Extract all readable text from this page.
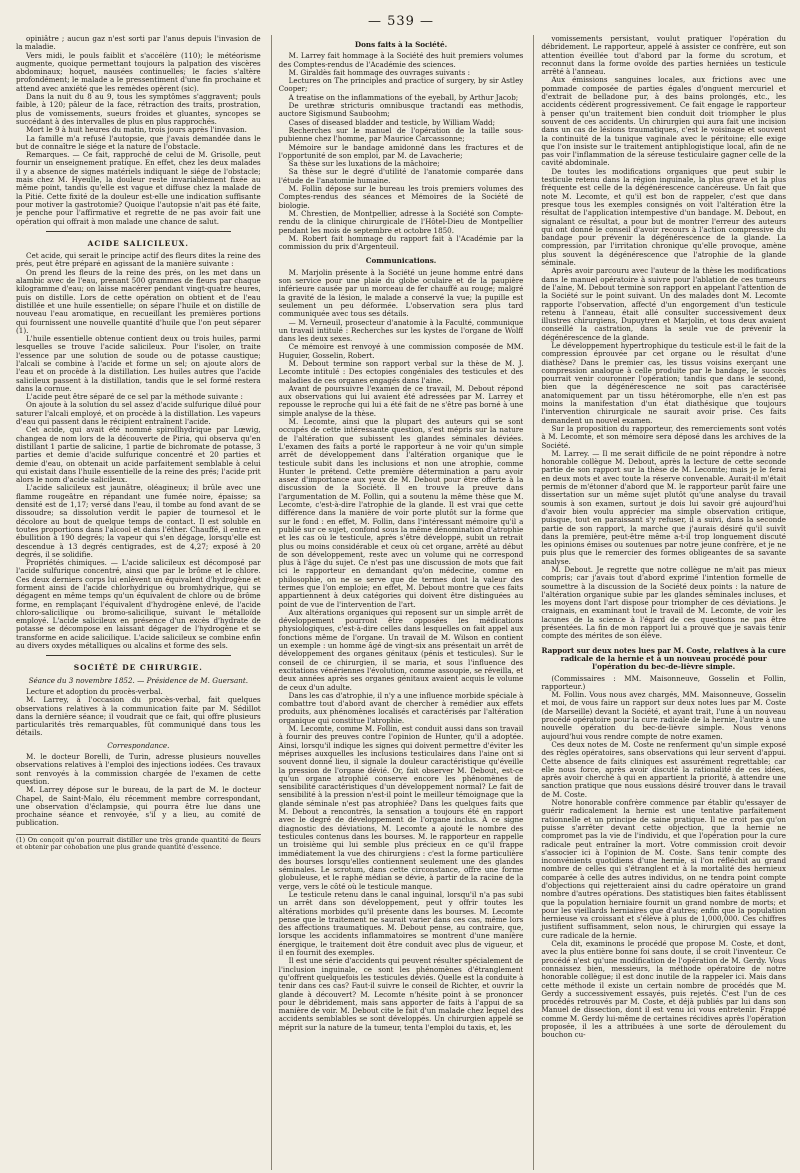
— 539 —

opiniâtre ; aucun gaz n'est sorti par l'anus depuis l'invasion de la maladie.

Vers midi, le pouls faiblit et s'accélère (110); le météorisme augmente, quoique permettant toujours la palpation des viscères abdominaux; hoquet, nausées continuelles; le facies s'altère profondément; le malade a le pressentiment d'une fin prochaine et attend avec anxiété que les remèdes opèrent (sic).

Dans la nuit du 8 au 9, tous les symptômes s'aggravent; pouls faible, à 120; pâleur de la face, rétraction des traits, prostration, plus de vomissements, sueurs froides et gluantes, syncopes se succédant à des intervalles de plus en plus rapprochés.

Mort le 9 à huit heures du matin, trois jours après l'invasion.

La famille m'a refusé l'autopsie, que j'avais demandée dans le but de connaître le siége et la nature de l'obstacle.

Remarques. — Ce fait, rapproché de celui de M. Grisolle, peut fournir un enseignement pratique. En effet, chez les deux malades il y a absence de signes matériels indiquant le siége de l'obstacle; mais chez M. Hyeulle, la douleur reste invariablement fixée au même point, tandis qu'elle est vague et diffuse chez la malade de la Pitié. Cette fixité de la douleur est-elle une indication suffisante pour motiver la gastrotomie? Quoique l'autopsie n'ait pas été faite, je penche pour l'affirmative et regrette de ne pas avoir fait une opération qui offrait à mon malade une chance de salut.

ACIDE SALICILEUX.

Cet acide, qui serait le principe actif des fleurs dites la reine des prés, peut être préparé en agissant de la manière suivante :

On prend les fleurs de la reine des prés, on les met dans un alambic avec de l'eau, prenant 500 grammes de fleurs par chaque kilogramme d'eau; on laisse macérer pendant vingt-quatre heures, puis on distille. Lors de cette opération on obtient et de l'eau distillée et une huile essentielle; on sépare l'huile et on distille de nouveau l'eau aromatique, en recueillant les premières portions qui fournissent une nouvelle quantité d'huile que l'on peut séparer (1).

L'huile essentielle obtenue contient deux ou trois huiles, parmi lesquelles se trouve l'acide salicileux. Pour l'isoler, on traite l'essence par une solution de soude ou de potasse caustique; l'alcali se combine à l'acide et forme un sel; on ajoute alors de l'eau et on procède à la distillation. Les huiles autres que l'acide salicileux passent à la distillation, tandis que le sel formé restera dans la cornue.

L'acide peut être séparé de ce sel par la méthode suivante :

On ajoute à la solution du sel assez d'acide sulfurique dilué pour saturer l'alcali employé, et on procède à la distillation. Les vapeurs d'eau qui passent dans le récipient entraînent l'acide.

Cet acide, qui avait été nommé spiroïlhydrique par Lœwig, changea de nom lors de la découverte de Piria, qui observa qu'en distillant 1 partie de salicine, 1 partie de bichromate de potasse, 3 parties et demie d'acide sulfurique concentré et 20 parties et demie d'eau, on obtenait un acide parfaitement semblable à celui qui existait dans l'huile essentielle de la reine des prés; l'acide prit alors le nom d'acide salicileux.

L'acide salicileux est jaunâtre, oléagineux; il brûle avec une flamme rougeâtre en répandant une fumée noire, épaisse; sa densité est de 1,17; versé dans l'eau, il tombe au fond avant de se dissoudre; sa dissolution verdit le papier de tournesol et le décolore au bout de quelque temps de contact. Il est soluble en toutes proportions dans l'alcool et dans l'éther. Chauffé, il entre en ébullition à 190 degrés; la vapeur qui s'en dégage, lorsqu'elle est descendue à 13 degrés centigrades, est de 4,27; exposé à 20 degrés, il se solidifie.

Propriétés chimiques. — L'acide salicileux est décomposé par l'acide sulfurique concentré, ainsi que par le brôme et le chlore. Ces deux derniers corps lui enlèvent un équivalent d'hydrogène et forment ainsi de l'acide chlorhydrique ou bromhydrique, qui se dégagent en même temps qu'un équivalent de chlore ou de brôme forme, en remplaçant l'équivalent d'hydrogène enlevé, de l'acide chloro-salicilique ou bromo-salicilique, suivant le métalloïde employé. L'acide salicileux en présence d'un excès d'hydrate de potasse se décompose en laissant dégager de l'hydrogène et se transforme en acide salicilique. L'acide salicileux se combine enfin au divers oxydes métalliques ou alcalins et forme des sels.

SOCIÉTÉ DE CHIRURGIE.
Séance du 3 novembre 1852. — Présidence de M. Guersant.

Lecture et adoption du procès-verbal.

M. Larrey, à l'occasion du procès-verbal, fait quelques observations relatives à la communication faite par M. Sédillot dans la dernière séance; il voudrait que ce fait, qui offre plusieurs particularités très remarquables, fût communiqué dans tous les détails.

Correspondance.

M. le docteur Borelli, de Turin, adresse plusieurs nouvelles observations relatives à l'emploi des injections iodées. Ces travaux sont renvoyés à la commission chargée de l'examen de cette question.

M. Larrey dépose sur le bureau, de la part de M. le docteur Chapel, de Saint-Malo, élu récemment membre correspondant, une observation d'éclampsie, qui pourra être lue dans une prochaine séance et renvoyée, s'il y a lieu, au comité de publication.

(1) On conçoit qu'on pourrait distiller une très grande quantité de fleurs et obtenir par cohobation une plus grande quantité d'essence.
Dons faits à la Société.

M. Larrey fait hommage à la Société des huit premiers volumes des Comptes-rendus de l'Académie des sciences.

M. Giraldès fait hommage des ouvrages suivants :

Lectures on The principles and practice of surgery, by sir Astley Cooper;

A treatise on the inflammations of the eyeball, by Arthur Jacob;

De urethræ stricturis omnibusque tractandi eas methodis, auctore Sigismund Sauboohm;

Cases of diseased bladder and testicle, by William Wadd;

Recherches sur le manuel de l'opération de la taille sous-pubienne chez l'homme, par Maurice Carcassonne;

Mémoire sur le bandage amidonné dans les fractures et de l'opportunité de son emploi, par M. de Lavacherie;

Sa thèse sur les luxations de la mâchoire;

Sa thèse sur le degré d'utilité de l'anatomie comparée dans l'étude de l'anatomie humaine.

M. Follin dépose sur le bureau les trois premiers volumes des Comptes-rendus des séances et Mémoires de la Société de biologie.

M. Chrestien, de Montpellier, adresse à la Société son Compte-rendu de la clinique chirurgicale de l'Hôtel-Dieu de Montpellier pendant les mois de septembre et octobre 1850.

M. Robert fait hommage du rapport fait à l'Académie par la commission du prix d'Argenteuil.

Communications.

M. Marjolin présente à la Société un jeune homme entré dans son service pour une plaie du globe oculaire et de la paupière inférieure causée par un morceau de fer chauffé au rouge; malgré la gravité de la lésion, le malade a conservé la vue; la pupille est seulement un peu déformée. L'observation sera plus tard communiquée avec tous ses détails.

— M. Verneuil, prosecteur d'anatomie à la Faculté, communique un travail intitulé : Recherches sur les kystes de l'organe de Wolff dans les deux sexes.

Ce mémoire est renvoyé à une commission composée de MM. Huguier, Gosselin, Robert.

M. Debout termine son rapport verbal sur la thèse de M. J. Lecomte intitulé : Des ectopies congéniales des testicules et des maladies de ces organes engagés dans l'aine.

Avant de poursuivre l'examen de ce travail, M. Debout répond aux observations qui lui avaient été adressées par M. Larrey et repousse le reproche qui lui a été fait de ne s'être pas borné à une simple analyse de la thèse.

M. Lecomte, ainsi que la plupart des auteurs qui se sont occupés de cette intéressante question, s'est mépris sur la nature de l'altération que subissent les glandes séminales déviées. L'examen des faits a porté le rapporteur à ne voir qu'un simple arrêt de développement dans l'altération organique que le testicule subit dans les inclusions et non une atrophie, comme Hunter le prétend. Cette première détermination a paru avoir assez d'importance aux yeux de M. Debout pour être offerte à la discussion de la Société. Il en trouve la preuve dans l'argumentation de M. Follin, qui a soutenu la même thèse que M. Lecomte, c'est-à-dire l'atrophie de la glande. Il est vrai que cette différence dans la manière de voir porte plutôt sur la forme que sur le fond : en effet, M. Follin, dans l'intéressant mémoire qu'il a publié sur ce sujet, confond sous la même dénomination d'atrophie et les cas où le testicule, après s'être développé, subit un retrait plus ou moins considérable et ceux où cet organe, arrêté au début de son développement, reste avec un volume qui ne correspond plus à l'âge du sujet. Ce n'est pas une discussion de mots que fait ici le rapporteur en demandant qu'on médecine, comme en philosophie, on ne se serve que de termes dont la valeur des termes que l'on emploie; en effet, M. Debout montre que ces faits appartiennent à deux catégories qui doivent être distinguées au point de vue de l'intervention de l'art.

Aux altérations organiques qui reposent sur un simple arrêt de développement pourront être opposées les médications physiologiques, c'est-à-dire celles dans lesquelles on fait appel aux fonctions même de l'organe. Un travail de M. Wilson en contient un exemple : un homme âgé de vingt-six ans présentait un arrêt de développement des organes génitaux (pénis et testicules). Sur le conseil de ce chirurgien, il se maria, et sous l'influence des excitations vénériennes l'évolution, comme assoupie, se réveilla, et deux années après ses organes génitaux avaient acquis le volume de ceux d'un adulte.

Dans les cas d'atrophie, il n'y a une influence morbide spéciale à combattre tout d'abord avant de chercher à remédier aux effets produits, aux phénomènes localisés et caractérisés par l'altération organique qui constitue l'atrophie.

M. Lecomte, comme M. Follin, est conduit aussi dans son travail à fournir des preuves contre l'opinion de Hunter, qu'il a adoptée. Ainsi, lorsqu'il indique les signes qui doivent permettre d'éviter les méprises auxquelles les inclusions testiculaires dans l'aine ont si souvent donné lieu, il signale la douleur caractéristique qu'éveille la pression de l'organe dévié. Or, fait observer M. Debout, est-ce qu'un organe atrophié conserve encore les phénomènes de sensibilité caractéristiques d'un développement normal? Le fait de sensibilité à la pression n'est-il point le meilleur témoignage que la glande séminale n'est pas atrophiée? Dans les quelques faits que M. Debout a rencontrés, la sensation a toujours été en rapport avec le degré de développement de l'organe inclus. À ce signe diagnostic des déviations, M. Lecomte a ajouté le nombre des testicules contenus dans les bourses. M. le rapporteur en rappelle un troisième qui lui semble plus précieux en ce qu'il frappe immédiatement la vue des chirurgiens : c'est la forme particulière des bourses lorsqu'elles contiennent seulement une des glandes séminales. Le scrotum, dans cette circonstance, offre une forme globuleuse, et le raphé médian se dévie, à partir de la racine de la verge, vers le côté où le testicule manque.

Le testicule retenu dans le canal inguinal, lorsqu'il n'a pas subi un arrêt dans son développement, peut y offrir toutes les altérations morbides qu'il présente dans les bourses. M. Lecomte pense que le traitement ne saurait varier dans ces cas, même lors des affections traumatiques. M. Debout pense, au contraire, que, lorsque les accidents inflammatoires se montrent d'une manière énergique, le traitement doit être conduit avec plus de vigueur, et il en fournit des exemples.

Il est une série d'accidents qui peuvent résulter spécialement de l'inclusion inguinale, ce sont les phénomènes d'étranglement qu'offrent quelquefois les testicules déviés. Quelle est la conduite à tenir dans ces cas? Faut-il suivre le conseil de Richter, et ouvrir la glande à découvert? M. Lecomte n'hésite point à se prononcer pour le débridement, mais sans apporter de faits à l'appui de sa manière de voir. M. Debout cite le fait d'un malade chez lequel des accidents semblables se sont développés. Un chirurgien appelé se méprit sur la nature de la tumeur, tenta l'emploi du taxis, et, les

vomissements persistant, voulut pratiquer l'opération du débridement. Le rapporteur, appelé à assister ce confrère, eut son attention éveillée tout d'abord par la forme du scrotum, et reconnut dans la forme ovoïde des parties herniées un testicule arrêté à l'anneau.

Aux émissions sanguines locales, aux frictions avec une pommade composée de parties égales d'onguent mercuriel et d'extrait de belladone pur, à des bains prolongés, etc., les accidents cédèrent progressivement. Ce fait engage le rapporteur à penser qu'un traitement bien conduit doit triompher le plus souvent de ces accidents. Un chirurgien qui aura fait une incision dans un cas de lésions traumatiques, c'est le voisinage et souvent la continuité de la tunique vaginale avec le péritoine; elle exige que l'on insiste sur le traitement antiphlogistique local, afin de ne pas voir l'inflammation de la séreuse testiculaire gagner celle de la cavité abdominale.

De toutes les modifications organiques que peut subir le testicule retenu dans la région inguinale, la plus grave et la plus fréquente est celle de la dégénérescence cancéreuse. Un fait que note M. Lecomte, et qu'il est bon de rappeler, c'est que dans presque tous les exemples consignés on voit l'altération être la résultat de l'application intempestive d'un bandage. M. Debout, en signalant ce résultat, a pour but de montrer l'erreur des auteurs qui ont donné le conseil d'avoir recours à l'action compressive du bandage pour prévenir la dégénérescence de la glande. La compression, par l'irritation chronique qu'elle provoque, amène plus souvent la dégénérescence que l'atrophie de la glande séminale.

Après avoir parcouru avec l'auteur de la thèse les modifications dans le manuel opératoire à suivre pour l'ablation de ces tumeurs de l'aine, M. Debout termine son rapport en appelant l'attention de la Société sur le point suivant. Un des malades dont M. Lecomte rapporte l'observation, affecté d'un engorgement d'un testicule retenu à l'anneau, était allé consulter successivement deux illustres chirurgiens, Dupuytren et Marjolin, et tous deux avaient conseillé la castration, dans la seule vue de prévenir la dégénérescence de la glande.

Le développement hypertrophique du testicule est-il le fait de la compression éprouvée par cet organe ou le résultat d'une diathèse? Dans le premier cas, les tissus voisins exerçant une compression analogue à celle produite par le bandage, le succès pourrait venir couronner l'opération; tandis que dans le second, bien que la dégénérescence ne soit pas caractérisée anatomiquement par un tissu hétéromorphe, elle n'en est pas moins la manifestation d'un état diathésique que toujours l'intervention chirurgicale ne saurait avoir prise. Ces faits demandent un nouvel examen.

Sur la proposition du rapporteur, des remerciements sont votés à M. Lecomte, et son mémoire sera déposé dans les archives de la Société.

M. Larrey. — Il me serait difficile de ne point répondre à notre honorable collègue M. Debout, après la lecture de cette seconde partie de son rapport sur la thèse de M. Lecomte; mais je le ferai en deux mots et avec toute la réserve convenable. Aurait-il m'était permis de m'étonner d'abord que M. le rapporteur parût faire une dissertation sur un même sujet plutôt qu'une analyse du travail soumis à son examen, surtout je dois lui savoir gré aujourd'hui d'avoir bien voulu apprécier ma simple observation critique, puisque, tout en paraissant s'y refuser, il a suivi, dans la seconde partie de son rapport, la marche que j'aurais désiré qu'il suivît dans la première, peut-être même a-t-il trop longuement discuté les opinions émises ou soutenues par notre jeune confrère, et je ne puis plus que le remercier des formes obligeantes de sa savante analyse.

M. Debout. Je regrette que notre collègue ne m'ait pas mieux compris; car j'avais tout d'abord exprimé l'intention formelle de soumettre à la discussion de la Société deux points : la nature de l'altération organique subie par les glandes séminales incluses, et les moyens dont l'art dispose pour triompher de ces déviations. Je craignais, en examinant tout le travail de M. Lecomte, de voir les lacunes de la science à l'égard de ces questions ne pas être présentées. La fin de mon rapport lui a prouvé que je savais tenir compte des mérites de son élève.

Rapport sur deux notes lues par M. Coste, relatives à la cure radicale de la hernie et à un nouveau procédé pour l'opération du bec-de-lièvre simple.

(Commissaires : MM. Maisonneuve, Gosselin et Follin, rapporteur.)

M. Follin. Vous nous avez chargés, MM. Maisonneuve, Gosselin et moi, de vous faire un rapport sur deux notes lues par M. Coste (de Marseille) devant la Société, et ayant trait, l'une à un nouveau procédé opératoire pour la cure radicale de la hernie, l'autre à une nouvelle opération du bec-de-lièvre simple. Nous venons aujourd'hui vous rendre compte de notre examen.

Ces deux notes de M. Coste ne renferment qu'un simple exposé des règles opératoires, sans observations qui leur servent d'appui. Cette absence de faits cliniques est assurément regrettable; car elle nous force, après avoir discuté la rationalité de ces idées, après avoir cherché à qui en appartient la priorité, à attendre une sanction pratique que nous eussions désiré trouver dans le travail de M. Coste.

Notre honorable confrère commence par établir qu'essayer de guérir radicalement la hernie est une tentative parfaitement rationnelle et un principe de saine pratique. Il ne croit pas qu'on puisse s'arrêter devant cette objection, que la hernie ne compromet pas la vie de l'individu, et que l'opération pour la cure radicale peut entraîner la mort. Votre commission croit devoir s'associer ici à l'opinion de M. Coste. Sans tenir compte des inconvénients quotidiens d'une hernie, si l'on réfléchit au grand nombre de celles qui s'étranglent et à la mortalité des hernieux comparée à celle des autres individus, on ne tendra point compte d'objections qui rejetteraient ainsi du cadre opératoire un grand nombre d'autres opérations. Des statistiques bien faites établissent que la population herniaire fournit un grand nombre de morts; et pour les vieillards herniaires que d'autres; enfin que la population hernieuse va croissant et s'élève à plus de 1,000,000. Ces chiffres justifient suffisamment, selon nous, le chirurgien qui essaye la cure radicale de la hernie.

Cela dit, examinons le procédé que propose M. Coste, et dont, avec la plus entière bonne foi sans doute, il se croit l'inventeur. Ce procédé n'est qu'une modification de l'opération de M. Gerdy. Vous connaissez bien, messieurs, la méthode opératoire de notre honorable collègue; il est donc inutile de la rappeler ici. Mais dans cette méthode il existe un certain nombre de procédés que M. Gerdy a successivement essayés, puis rejetés. C'est l'un de ces procédés retrouvés par M. Coste, et déjà publiés par lui dans son Manuel de dissection, dont il est venu ici vous entretenir. Frappé comme M. Gerdy lui-même de certaines récidives après l'opération proposée, il les a attribuées à une sorte de déroulement du bouchon cu-
